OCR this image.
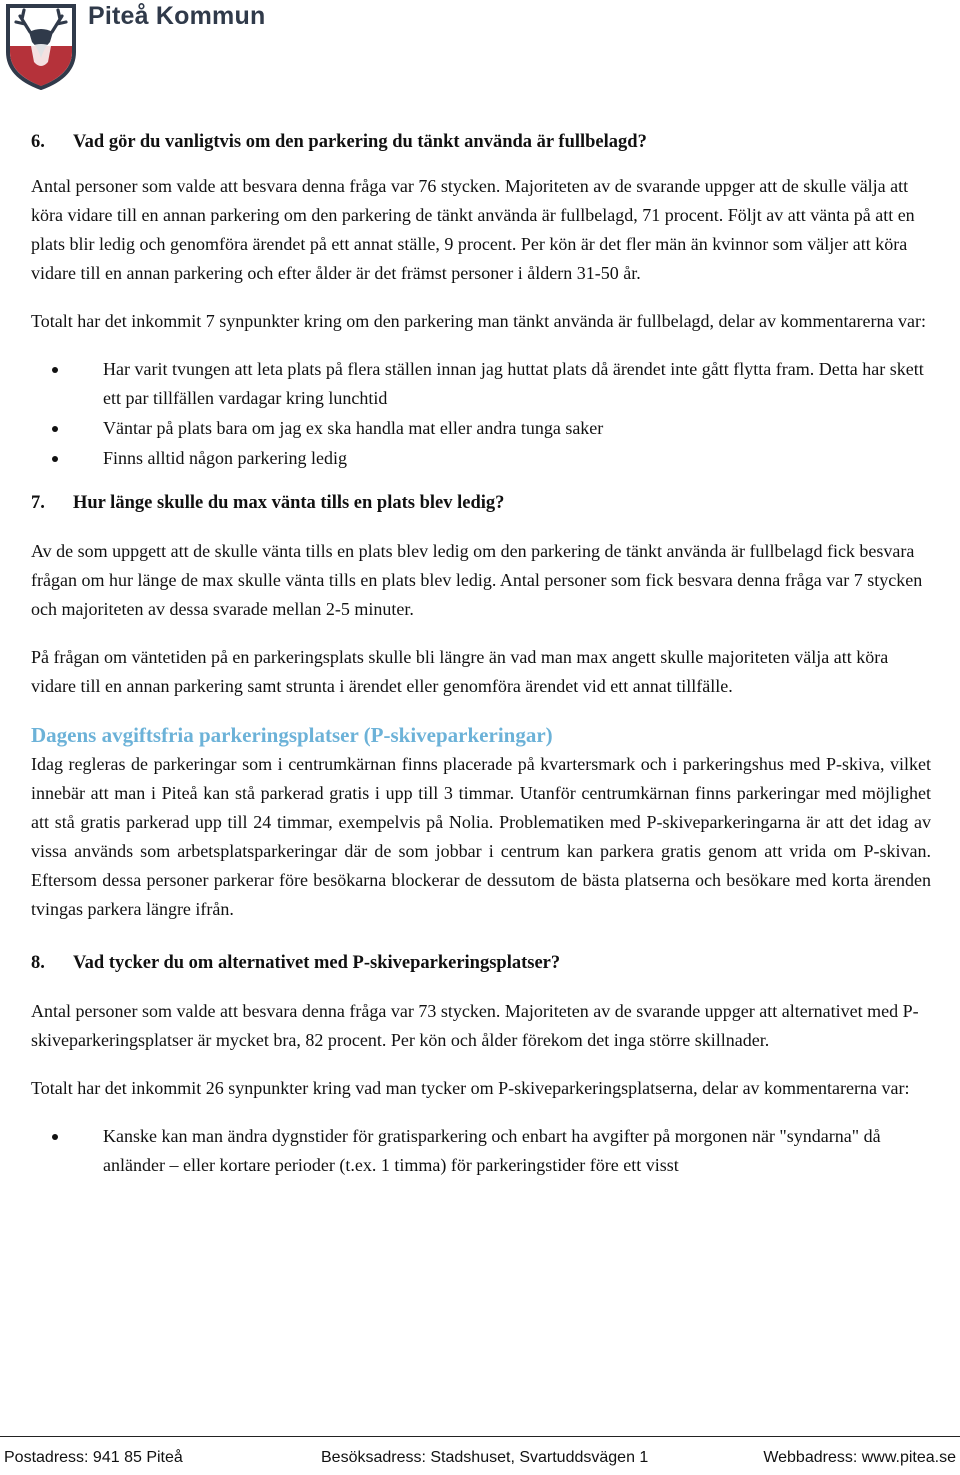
Piteå Kommun
6.	Vad gör du vanligtvis om den parkering du tänkt använda är fullbelagd?

Antal personer som valde att besvara denna fråga var 76 stycken. Majoriteten av de svarande uppger att de skulle välja att köra vidare till en annan parkering om den parkering de tänkt använda är fullbelagd, 71 procent. Följt av att vänta på att en plats blir ledig och genomföra ärendet på ett annat ställe, 9 procent. Per kön är det fler män än kvinnor som väljer att köra vidare till en annan parkering och efter ålder är det främst personer i åldern 31-50 år.

Totalt har det inkommit 7 synpunkter kring om den parkering man tänkt använda är fullbelagd, delar av kommentarerna var:

Har varit tvungen att leta plats på flera ställen innan jag huttat plats då ärendet inte gått flytta fram. Detta har skett ett par tillfällen vardagar kring lunchtid
Väntar på plats bara om jag ex ska handla mat eller andra tunga saker
Finns alltid någon parkering ledig
7.	Hur länge skulle du max vänta tills en plats blev ledig?

Av de som uppgett att de skulle vänta tills en plats blev ledig om den parkering de tänkt använda är fullbelagd fick besvara frågan om hur länge de max skulle vänta tills en plats blev ledig. Antal personer som fick besvara denna fråga var 7 stycken och majoriteten av dessa svarade mellan 2-5 minuter.

På frågan om väntetiden på en parkeringsplats skulle bli längre än vad man max angett skulle majoriteten välja att köra vidare till en annan parkering samt strunta i ärendet eller genomföra ärendet vid ett annat tillfälle.

Dagens avgiftsfria parkeringsplatser (P-skiveparkeringar)

Idag regleras de parkeringar som i centrumkärnan finns placerade på kvartersmark och i parkeringshus med P-skiva, vilket innebär att man i Piteå kan stå parkerad gratis i upp till 3 timmar. Utanför centrumkärnan finns parkeringar med möjlighet att stå gratis parkerad upp till 24 timmar, exempelvis på Nolia. Problematiken med P-skiveparkeringarna är att det idag av vissa används som arbetsplatsparkeringar där de som jobbar i centrum kan parkera gratis genom att vrida om P-skivan. Eftersom dessa personer parkerar före besökarna blockerar de dessutom de bästa platserna och besökare med korta ärenden tvingas parkera längre ifrån.

8.	Vad tycker du om alternativet med P-skiveparkeringsplatser?

Antal personer som valde att besvara denna fråga var 73 stycken. Majoriteten av de svarande uppger att alternativet med P-skiveparkeringsplatser är mycket bra, 82 procent. Per kön och ålder förekom det inga större skillnader.

Totalt har det inkommit 26 synpunkter kring vad man tycker om P-skiveparkeringsplatserna, delar av kommentarerna var:

Kanske kan man ändra dygnstider för gratisparkering och enbart ha avgifter på morgonen när "syndarna" då anländer – eller kortare perioder (t.ex. 1 timma) för parkeringstider före ett visst
Postadress: 941 85 Piteå	Besöksadress: Stadshuset, Svartuddsvägen 1	Webbadress: www.pitea.se
